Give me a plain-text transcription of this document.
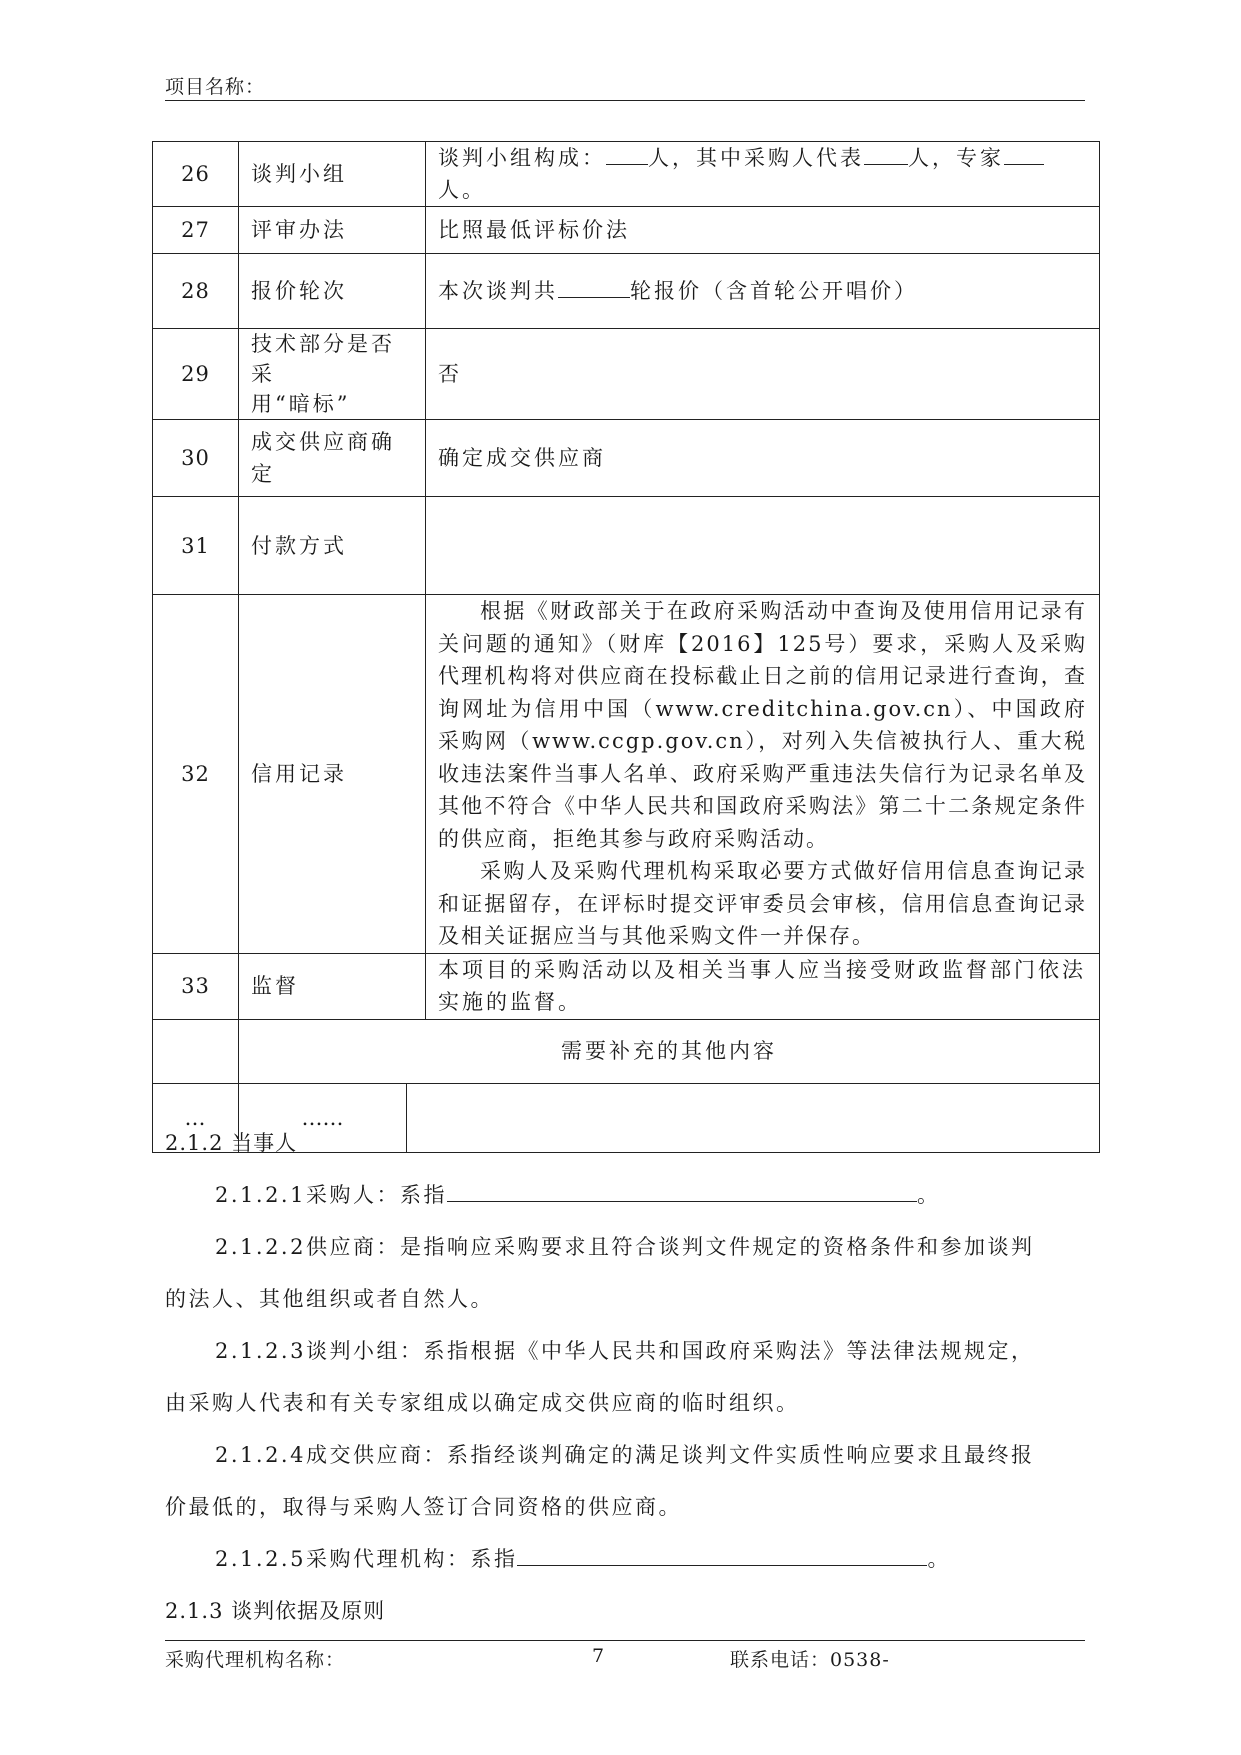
项目名称：
26	谈判小组		谈判小组构成： 人，其中采购人代表 人，专家人。
27	评审办法		比照最低评标价法
28	报价轮次		本次谈判共 轮报价（含首轮公开唱价）
29	技术部分是否采
用“暗标”		否
30	成交供应商确定		确定成交供应商
31	付款方式		
32	信用记录		根据《财政部关于在政府采购活动中查询及使用信用记录有关问题的通知》（财库【2016】125号）要求，采购人及采购代理机构将对供应商在投标截止日之前的信用记录进行查询，查询网址为信用中国（www.creditchina.gov.cn）、中国政府采购网（www.ccgp.gov.cn），对列入失信被执行人、重大税收违法案件当事人名单、政府采购严重违法失信行为记录名单及其他不符合《中华人民共和国政府采购法》第二十二条规定条件的供应商，拒绝其参与政府采购活动。
采购人及采购代理机构采取必要方式做好信用信息查询记录和证据留存，在评标时提交评审委员会审核，信用信息查询记录及相关证据应当与其他采购文件一并保存。

33	监督		本项目的采购活动以及相关当事人应当接受财政监督部门依法实施的监督。

	需要补充的其他内容		
…	……		
2.1.2 当事人
2.1.2.1采购人：系指	。
2.1.2.2供应商：是指响应采购要求且符合谈判文件规定的资格条件和参加谈判
的法人、其他组织或者自然人。
2.1.2.3谈判小组：系指根据《中华人民共和国政府采购法》等法律法规规定，
由采购人代表和有关专家组成以确定成交供应商的临时组织。
2.1.2.4成交供应商：系指经谈判确定的满足谈判文件实质性响应要求且最终报
价最低的，取得与采购人签订合同资格的供应商。
2.1.2.5采购代理机构：系指	。
2.1.3 谈判依据及原则
采购代理机构名称：	7	联系电话：0538-
